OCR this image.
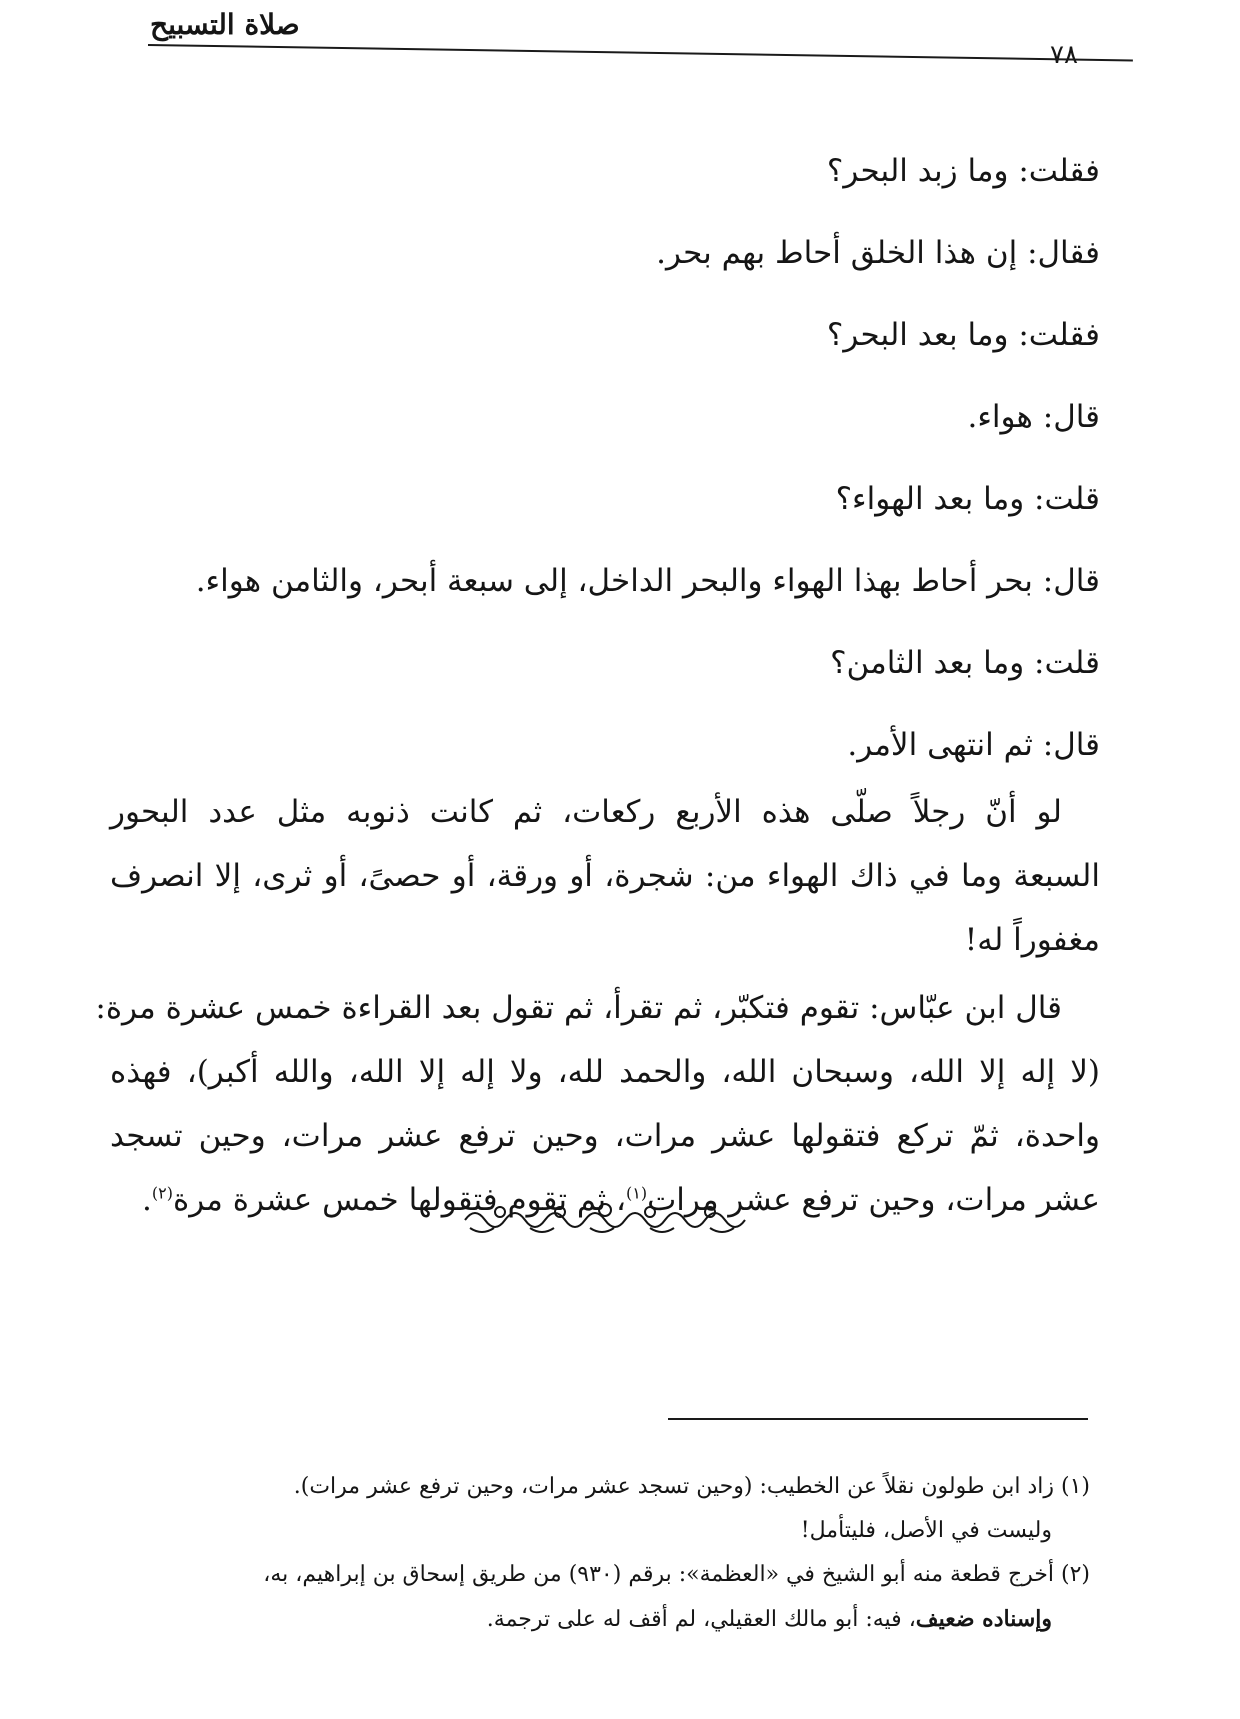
صلاة التسبيح
٧٨

فقلت: وما زبد البحر؟

فقال: إن هذا الخلق أحاط بهم بحر.

فقلت: وما بعد البحر؟

قال: هواء.

قلت: وما بعد الهواء؟

قال: بحر أحاط بهذا الهواء والبحر الداخل، إلى سبعة أبحر، والثامن هواء.

قلت: وما بعد الثامن؟

قال: ثم انتهى الأمر.

لو أنّ رجلاً صلّى هذه الأربع ركعات، ثم كانت ذنوبه مثل عدد البحور
السبعة وما في ذاك الهواء من: شجرة، أو ورقة، أو حصىً، أو ثرى، إلا انصرف
مغفوراً له!
قال ابن عبّاس: تقوم فتكبّر، ثم تقرأ، ثم تقول بعد القراءة خمس عشرة مرة:
(لا إله إلا الله، وسبحان الله، والحمد لله، ولا إله إلا الله، والله أكبر)، فهذه
واحدة، ثمّ تركع فتقولها عشر مرات، وحين ترفع عشر مرات، وحين تسجد
عشر مرات، وحين ترفع عشر مرات$^{(١)}$، ثم تقوم فتقولها خمس عشرة مرة$^{(٢)}$.
(١) زاد ابن طولون نقلاً عن الخطيب: (وحين تسجد عشر مرات، وحين ترفع عشر مرات).
وليست في الأصل، فليتأمل!
(٢) أخرج قطعة منه أبو الشيخ في «العظمة»: برقم (٩٣٠) من طريق إسحاق بن إبراهيم، به،
وإسناده ضعيف، فيه: أبو مالك العقيلي، لم أقف له على ترجمة.
